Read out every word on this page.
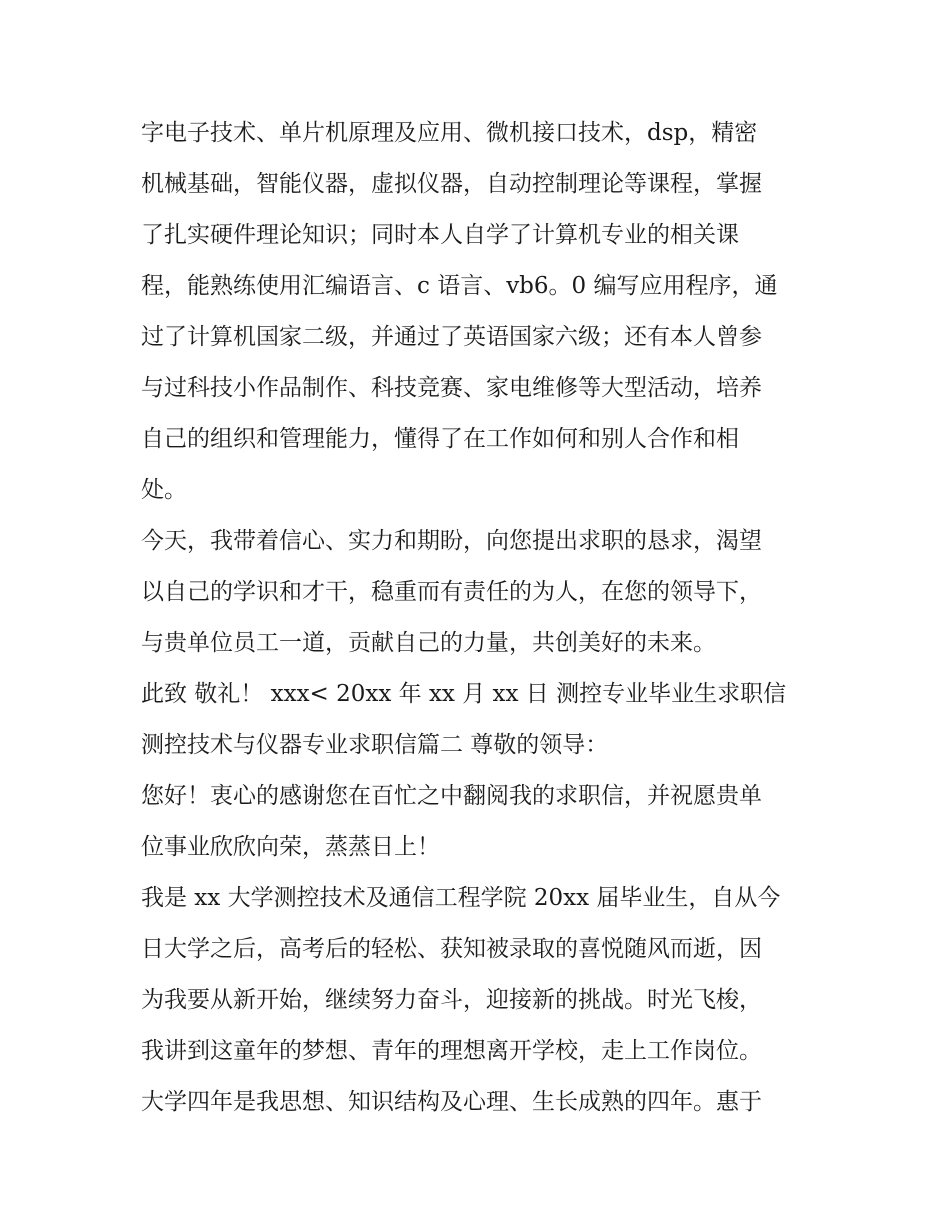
字电子技术、单片机原理及应用、微机接口技术，dsp，精密
机械基础，智能仪器，虚拟仪器，自动控制理论等课程，掌握
了扎实硬件理论知识；同时本人自学了计算机专业的相关课
程，能熟练使用汇编语言、c 语言、vb6。0 编写应用程序，通
过了计算机国家二级，并通过了英语国家六级；还有本人曾参
与过科技小作品制作、科技竞赛、家电维修等大型活动，培养
自己的组织和管理能力，懂得了在工作如何和别人合作和相
处。
今天，我带着信心、实力和期盼，向您提出求职的恳求，渴望
以自己的学识和才干，稳重而有责任的为人，在您的领导下，
与贵单位员工一道，贡献自己的力量，共创美好的未来。
此致 敬礼！ xxx< 20xx 年 xx 月 xx 日 测控专业毕业生求职信
测控技术与仪器专业求职信篇二 尊敬的领导：
您好！衷心的感谢您在百忙之中翻阅我的求职信，并祝愿贵单
位事业欣欣向荣，蒸蒸日上！
我是 xx 大学测控技术及通信工程学院 20xx 届毕业生，自从今
日大学之后，高考后的轻松、获知被录取的喜悦随风而逝，因
为我要从新开始，继续努力奋斗，迎接新的挑战。时光飞梭，
我讲到这童年的梦想、青年的理想离开学校，走上工作岗位。
大学四年是我思想、知识结构及心理、生长成熟的四年。惠于
